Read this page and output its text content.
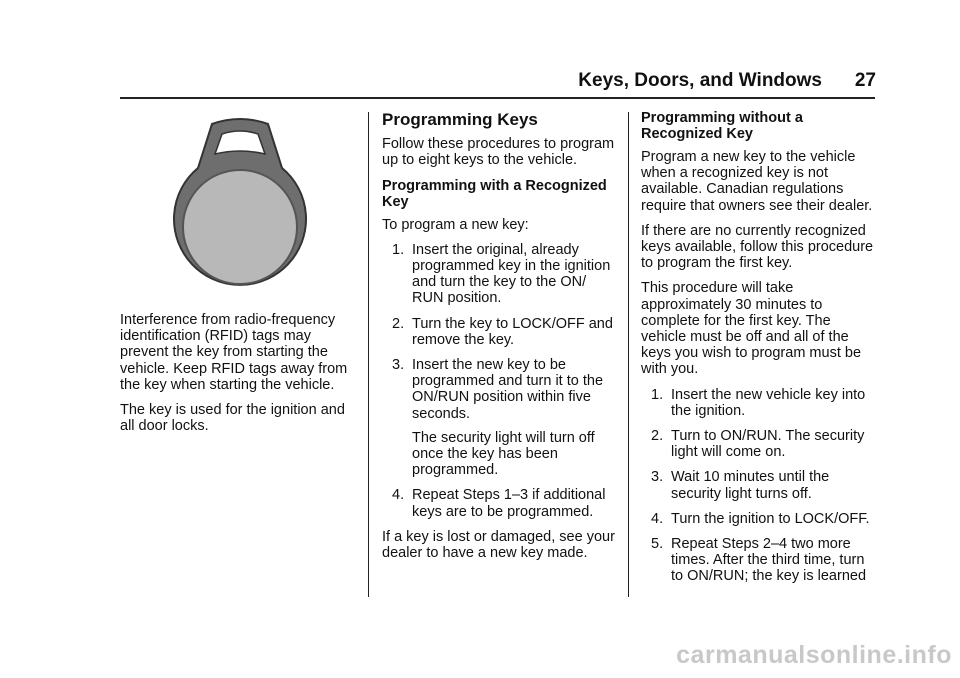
Keys, Doors, and Windows 27

Interference from radio-frequency identification (RFID) tags may prevent the key from starting the vehicle. Keep RFID tags away from the key when starting the vehicle.

The key is used for the ignition and all door locks.

Programming Keys

Follow these procedures to program up to eight keys to the vehicle.

Programming with a Recognized Key

To program a new key:

1. Insert the original, already programmed key in the ignition and turn the key to the ON/ RUN position.
2. Turn the key to LOCK/OFF and remove the key.
3. Insert the new key to be programmed and turn it to the ON/RUN position within five seconds.
The security light will turn off once the key has been programmed.
4. Repeat Steps 1–3 if additional keys are to be programmed.

If a key is lost or damaged, see your dealer to have a new key made.

Programming without a Recognized Key

Program a new key to the vehicle when a recognized key is not available. Canadian regulations require that owners see their dealer.

If there are no currently recognized keys available, follow this procedure to program the first key.

This procedure will take approximately 30 minutes to complete for the first key. The vehicle must be off and all of the keys you wish to program must be with you.

1. Insert the new vehicle key into the ignition.
2. Turn to ON/RUN. The security light will come on.
3. Wait 10 minutes until the security light turns off.
4. Turn the ignition to LOCK/OFF.
5. Repeat Steps 2–4 two more times. After the third time, turn to ON/RUN; the key is learned
carmanualsonline.info
